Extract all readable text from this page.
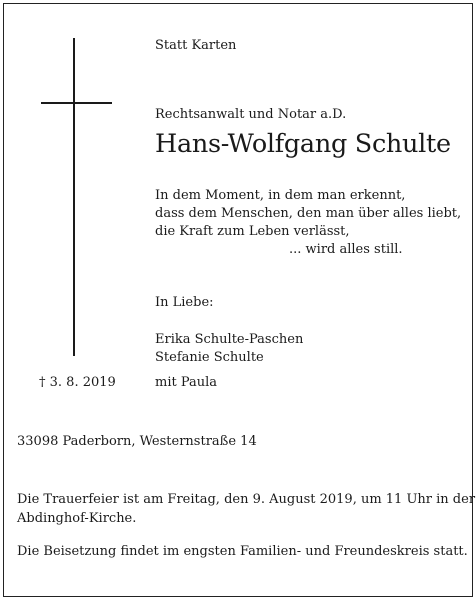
Statt Karten
Rechtsanwalt und Notar a.D.
Hans-Wolfgang Schulte
In dem Moment, in dem man erkennt,
dass dem Menschen, den man über alles liebt,
die Kraft zum Leben verlässt,
... wird alles still.
In Liebe:
Erika Schulte-Paschen
Stefanie Schulte
mit Paula
† 3. 8. 2019
33098 Paderborn, Westernstraße 14
Die Trauerfeier ist am Freitag, den 9. August 2019, um 11 Uhr in der
Abdinghof-Kirche.
Die Beisetzung findet im engsten Familien- und Freundeskreis statt.
